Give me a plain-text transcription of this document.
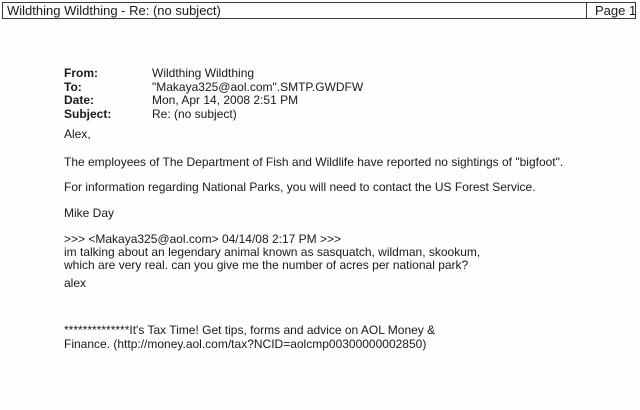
Wildthing Wildthing - Re: (no subject)	Page 1
From:	Wildthing Wildthing
To:	"Makaya325@aol.com".SMTP.GWDFW
Date:	Mon, Apr 14, 2008 2:51 PM
Subject:	Re: (no subject)
Alex,
The employees of The Department of Fish and Wildlife have reported no sightings of "bigfoot".
For information regarding National Parks, you will need to contact the US Forest Service.
Mike Day
>>> <Makaya325@aol.com> 04/14/08 2:17 PM >>>
im talking about an legendary animal known as sasquatch, wildman, skookum,
which are very real. can you give me the number of acres per national park?
alex
**************It's Tax Time! Get tips, forms and advice on AOL Money &
Finance. (http://money.aol.com/tax?NCID=aolcmp00300000002850)
